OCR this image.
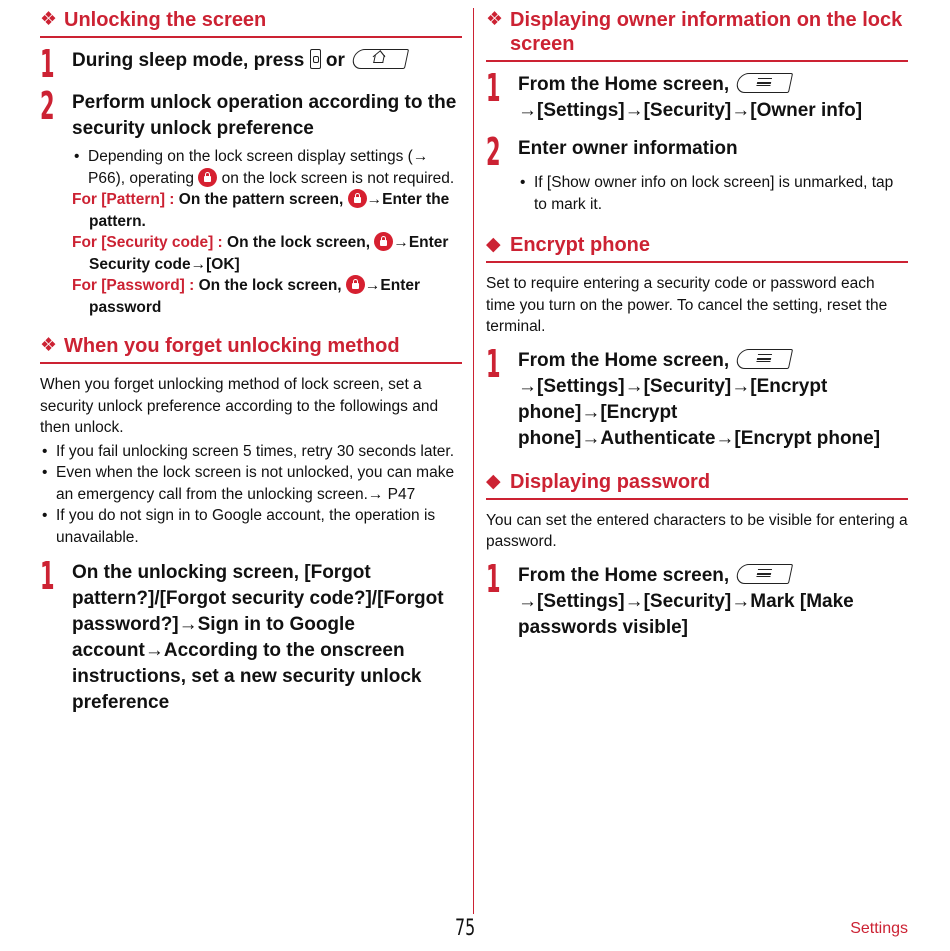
❖ Unlocking the screen
1 During sleep mode, press  or
2 Perform unlock operation according to the security unlock preference
• Depending on the lock screen display settings (→ P66), operating  on the lock screen is not required.
For [Pattern] : On the pattern screen, →Enter the pattern.
For [Security code] : On the lock screen, →Enter Security code→[OK]
For [Password] : On the lock screen, →Enter password
❖ When you forget unlocking method

When you forget unlocking method of lock screen, set a security unlock preference according to the followings and then unlock.

• If you fail unlocking screen 5 times, retry 30 seconds later.
• Even when the lock screen is not unlocked, you can make an emergency call from the unlocking screen.→ P47
• If you do not sign in to Google account, the operation is unavailable.
1 On the unlocking screen, [Forgot pattern?]/[Forgot security code?]/[Forgot password?]→Sign in to Google account→According to the onscreen instructions, set a new security unlock preference
❖ Displaying owner information on the lock screen
1 From the Home screen, →[Settings]→[Security]→[Owner info]
2 Enter owner information
• If [Show owner info on lock screen] is unmarked, tap to mark it.
◆ Encrypt phone

Set to require entering a security code or password each time you turn on the power. To cancel the setting, reset the terminal.

1 From the Home screen, →[Settings]→[Security]→[Encrypt phone]→[Encrypt phone]→Authenticate→[Encrypt phone]
◆ Displaying password

You can set the entered characters to be visible for entering a password.

1 From the Home screen, →[Settings]→[Security]→Mark [Make passwords visible]
75	Settings
